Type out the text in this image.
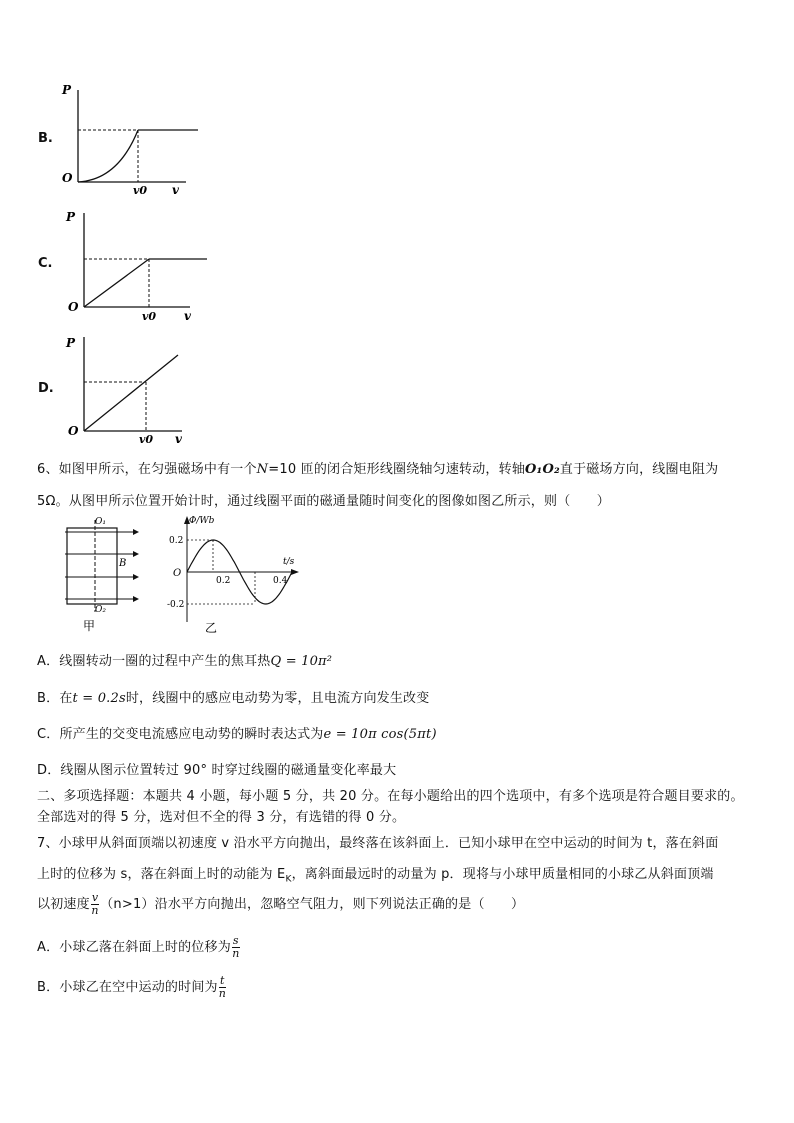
B.
P
O
v0 v
C.
P
O
v0 v
D.
P
O
v0 v
6、如图甲所示，在匀强磁场中有一个N=10 匝的闭合矩形线圈绕轴匀速转动，转轴O₁O₂直于磁场方向，线圈电阻为
5Ω。从图甲所示位置开始计时，通过线圈平面的磁通量随时间变化的图像如图乙所示，则（　　）
O₁
O₂
B
甲
Φ/Wb
t/s
O
0.2
-0.2
0.2	0.4
乙
A．线圈转动一圈的过程中产生的焦耳热Q = 10π²
B．在t = 0.2s时，线圈中的感应电动势为零，且电流方向发生改变
C．所产生的交变电流感应电动势的瞬时表达式为e = 10π cos(5πt)
D．线圈从图示位置转过 90° 时穿过线圈的磁通量变化率最大
二、多项选择题：本题共 4 小题，每小题 5 分，共 20 分。在每小题给出的四个选项中，有多个选项是符合题目要求的。
全部选对的得 5 分，选对但不全的得 3 分，有选错的得 0 分。
7、小球甲从斜面顶端以初速度 v 沿水平方向抛出，最终落在该斜面上．已知小球甲在空中运动的时间为 t，落在斜面
上时的位移为 s，落在斜面上时的动能为 $E_K$，离斜面最远时的动量为 p．现将与小球甲质量相同的小球乙从斜面顶端
以初速度 $\frac{v}{n} (n>1)$沿水平方向抛出，忽略空气阻力，则下列说法正确的是（　　）
A．小球乙落在斜面上时的位移为 $\frac{s}{n}$
B．小球乙在空中运动的时间为 $\frac{t}{n}$
